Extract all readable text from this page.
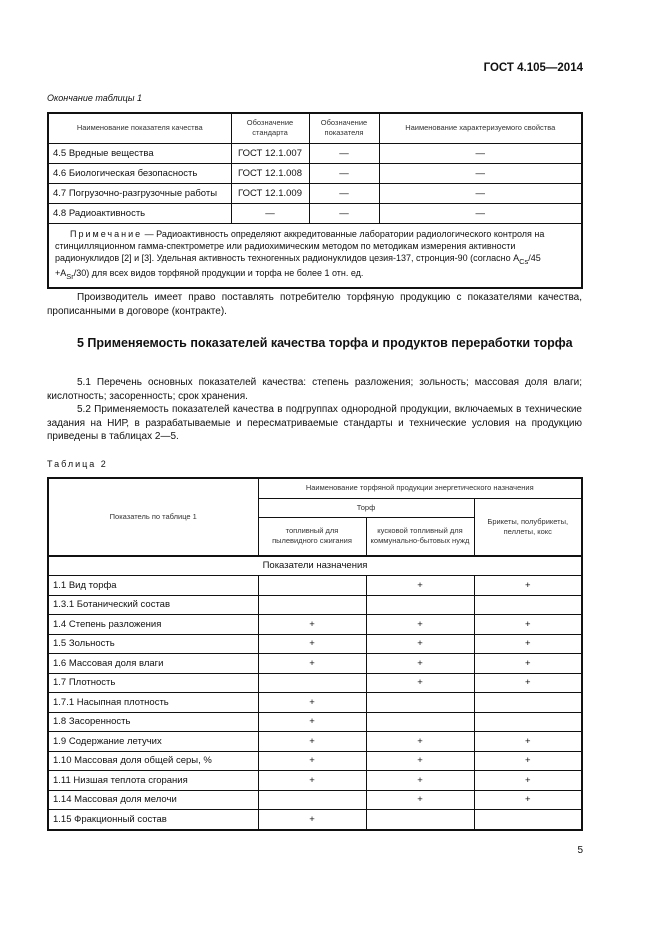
ГОСТ 4.105—2014
Окончание таблицы 1
Наименование показателя качества	Обозначение стандарта	Обозначение показателя	Наименование характеризуемого свойства
4.5 Вредные вещества	ГОСТ 12.1.007	—	—
4.6 Биологическая безопасность	ГОСТ 12.1.008	—	—
4.7 Погрузочно-разгрузочные работы	ГОСТ 12.1.009	—	—
4.8 Радиоактивность	—	—	—
Примечание — Радиоактивность определяют аккредитованные лаборатории радиологического контроля на стинцилляционном гамма-спектрометре или радиохимическим методом по методикам измерения активности радионуклидов [2] и [3]. Удельная активность техногенных радионуклидов цезия-137, стронция-90 (согласно $A_{Cs}/45 +A_{Sr}/30$) для всех видов торфяной продукции и торфа не более 1 отн. ед.			
Производитель имеет право поставлять потребителю торфяную продукцию с показателями качества, прописанными в договоре (контракте).
5 Применяемость показателей качества торфа и продуктов переработки торфа
5.1 Перечень основных показателей качества: степень разложения; зольность; массовая доля влаги; кислотность; засоренность; срок хранения.
5.2 Применяемость показателей качества в подгруппах однородной продукции, включаемых в технические задания на НИР, в разрабатываемые и пересматриваемые стандарты и технические условия на продукцию приведены в таблицах 2—5.
Таблица 2
Показатель по таблице 1	Наименование торфяной продукции энергетического назначения		
	Торф		Брикеты, полубрикеты, пеллеты, кокс
	топливный для пылевидного сжигания	кусковой топливный для коммунально-бытовых нужд	
Показатели назначения			
1.1 Вид торфа		+	+
1.3.1 Ботанический состав			
1.4 Степень разложения	+	+	+
1.5 Зольность	+	+	+
1.6 Массовая доля влаги	+	+	+
1.7 Плотность		+	+
1.7.1 Насыпная плотность	+		
1.8 Засоренность	+		
1.9 Содержание летучих	+	+	+
1.10 Массовая доля общей серы, %	+	+	+
1.11 Низшая теплота сгорания	+	+	+
1.14 Массовая доля мелочи		+	+
1.15 Фракционный состав	+		
5
